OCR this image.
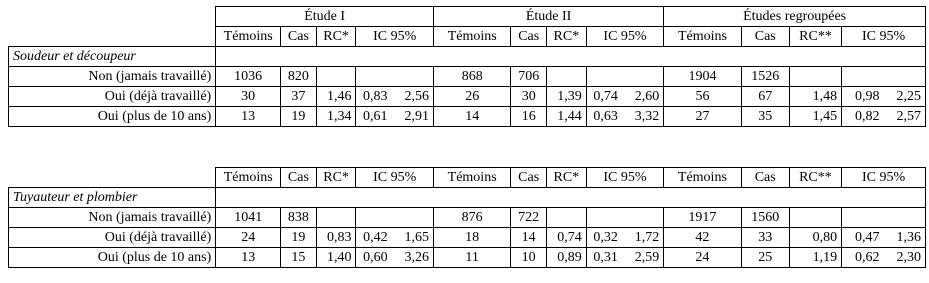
	Étude I					Étude II					Études regroupées				
	Témoins	Cas	RC*	IC 95%		Témoins	Cas	RC*	IC 95%		Témoins	Cas	RC**	IC 95%	
Soudeur et découpeur															
Non (jamais travaillé)	1036	820				868	706				1904	1526			
Oui (déjà travaillé)	30	37	1,46	0,83	2,56	26	30	1,39	0,74	2,60	56	67	1,48	0,98	2,25
Oui (plus de 10 ans)	13	19	1,34	0,61	2,91	14	16	1,44	0,63	3,32	27	35	1,45	0,82	2,57
	Témoins	Cas	RC*	IC 95%		Témoins	Cas	RC*	IC 95%		Témoins	Cas	RC**	IC 95%	
Tuyauteur et plombier															
Non (jamais travaillé)	1041	838				876	722				1917	1560			
Oui (déjà travaillé)	24	19	0,83	0,42	1,65	18	14	0,74	0,32	1,72	42	33	0,80	0,47	1,36
Oui (plus de 10 ans)	13	15	1,40	0,60	3,26	11	10	0,89	0,31	2,59	24	25	1,19	0,62	2,30
